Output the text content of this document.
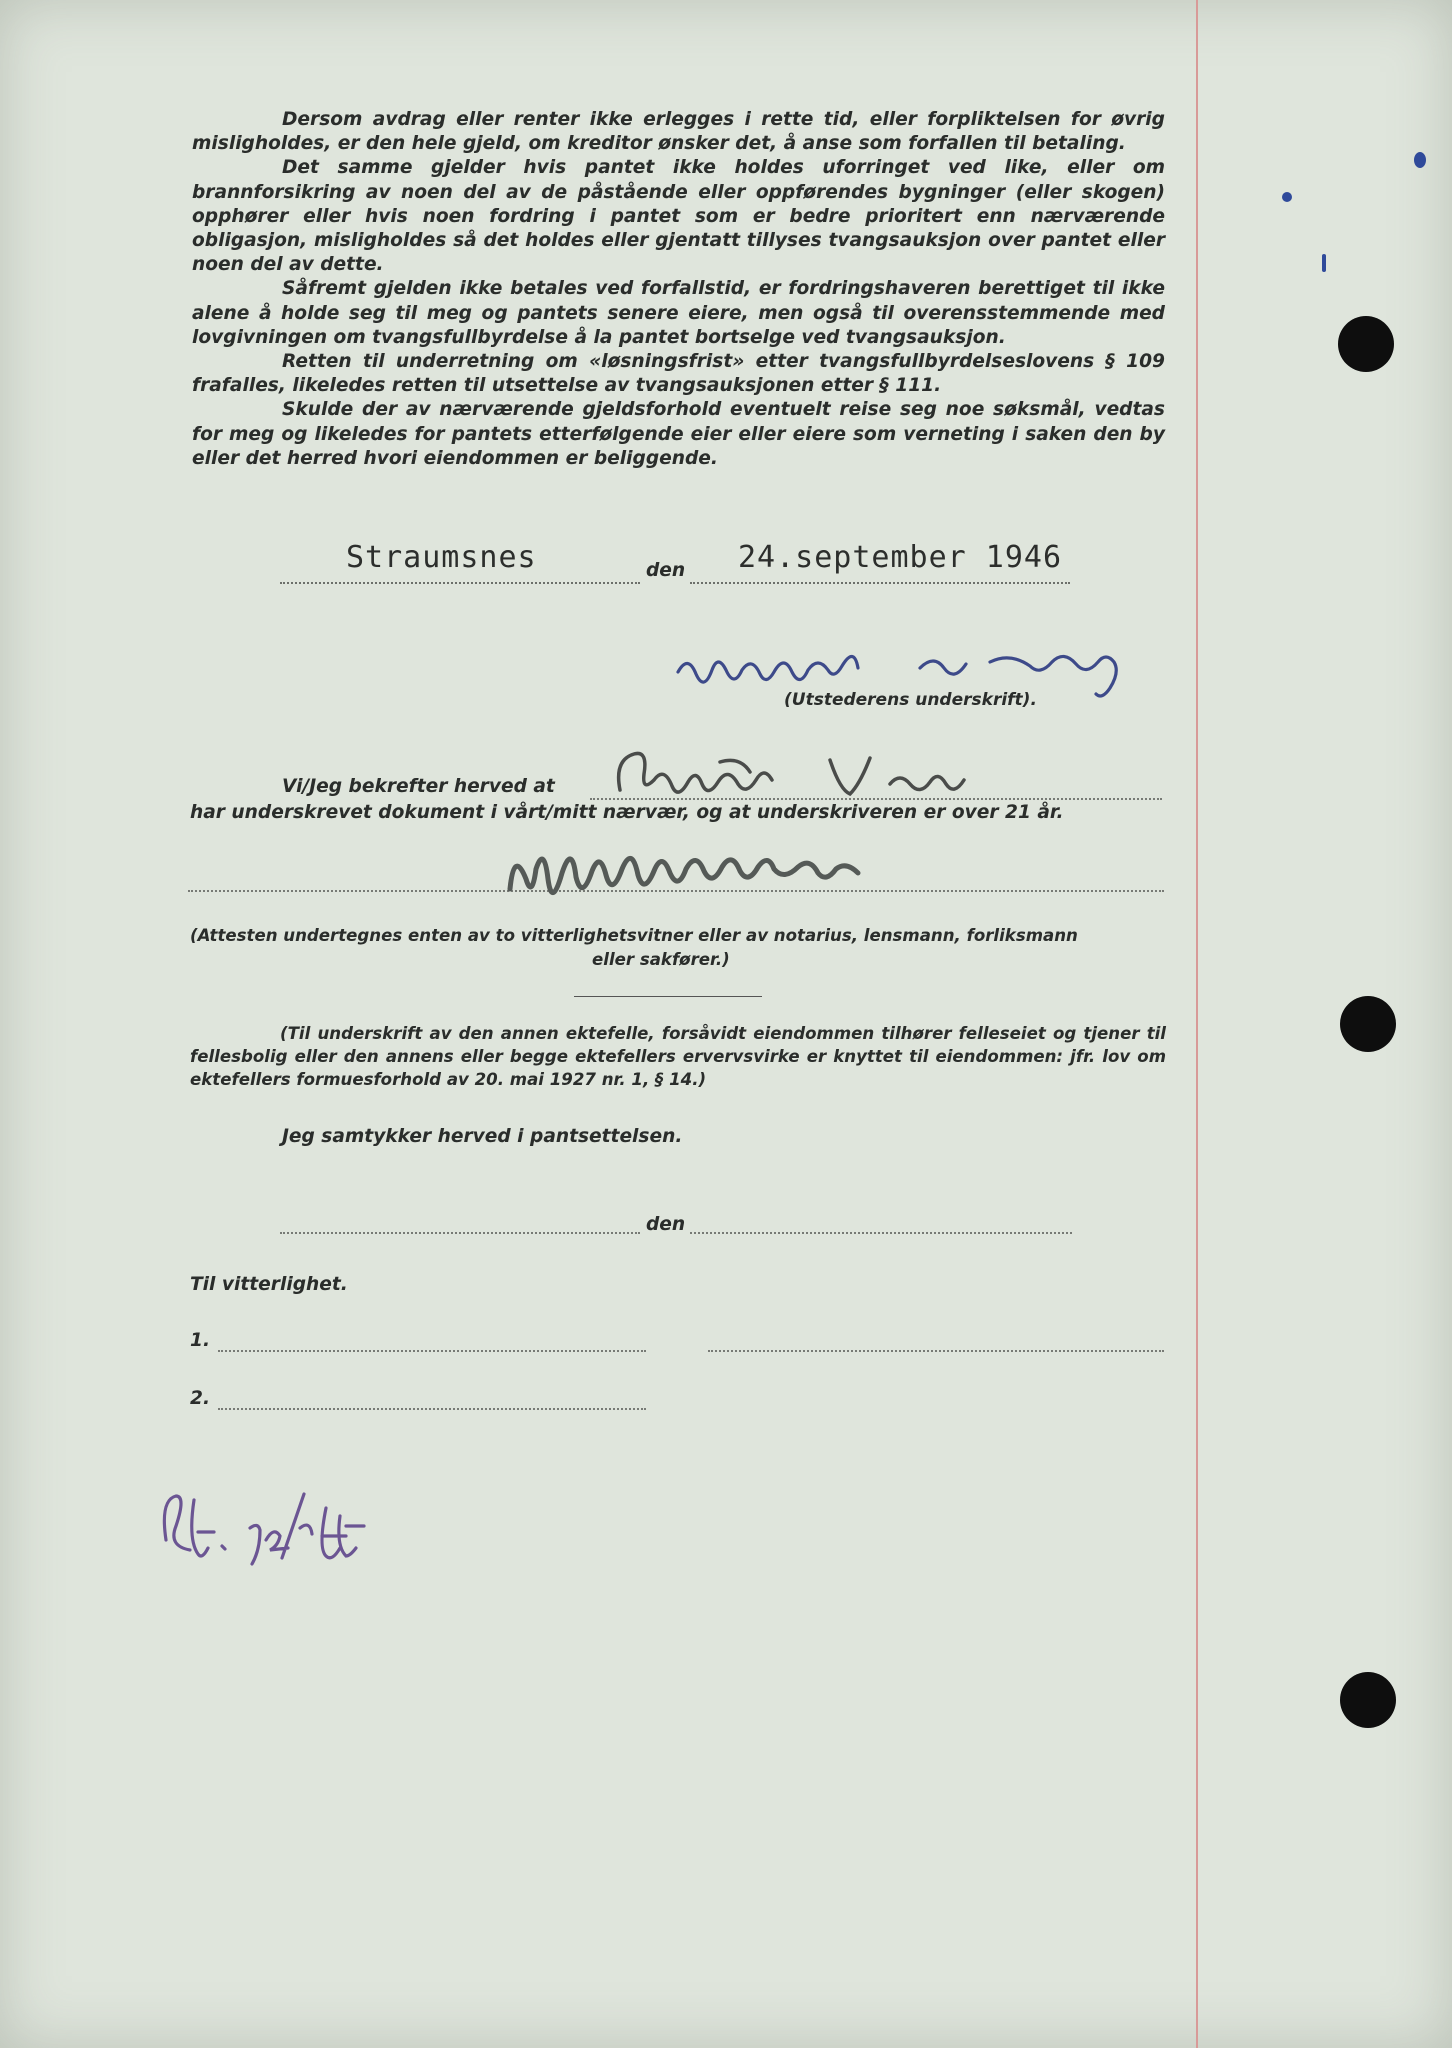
Dersom avdrag eller renter ikke erlegges i rette tid, eller forpliktelsen for øvrig misligholdes, er den hele gjeld, om kreditor ønsker det, å anse som forfallen til betaling.

Det samme gjelder hvis pantet ikke holdes uforringet ved like, eller om brannforsikring av noen del av de påstående eller oppførendes bygninger (eller skogen) opphører eller hvis noen fordring i pantet som er bedre prioritert enn nærværende obligasjon, misligholdes så det holdes eller gjentatt tillyses tvangsauksjon over pantet eller noen del av dette.

Såfremt gjelden ikke betales ved forfallstid, er fordringshaveren berettiget til ikke alene å holde seg til meg og pantets senere eiere, men også til overensstemmende med lovgivningen om tvangsfullbyrdelse å la pantet bortselge ved tvangsauksjon.

Retten til underretning om «løsningsfrist» etter tvangsfullbyrdelseslovens § 109 frafalles, likeledes retten til utsettelse av tvangsauksjonen etter § 111.

Skulde der av nærværende gjeldsforhold eventuelt reise seg noe søksmål, vedtas for meg og likeledes for pantets etterfølgende eier eller eiere som verneting i saken den by eller det herred hvori eiendommen er beliggende.

Straumsnes	den 24.september 1946
(Utstederens underskrift).
Vi/Jeg bekrefter herved at
har underskrevet dokument i vårt/mitt nærvær, og at underskriveren er over 21 år.
(Attesten undertegnes enten av to vitterlighetsvitner eller av notarius, lensmann, forliksmann
eller sakfører.)
(Til underskrift av den annen ektefelle, forsåvidt eiendommen tilhører felleseiet og tjener til fellesbolig eller den annens eller begge ektefellers ervervsvirke er knyttet til eiendommen: jfr. lov om ektefellers formuesforhold av 20. mai 1927 nr. 1, § 14.)
Jeg samtykker herved i pantsettelsen.
den
Til vitterlighet.
1.
2.
